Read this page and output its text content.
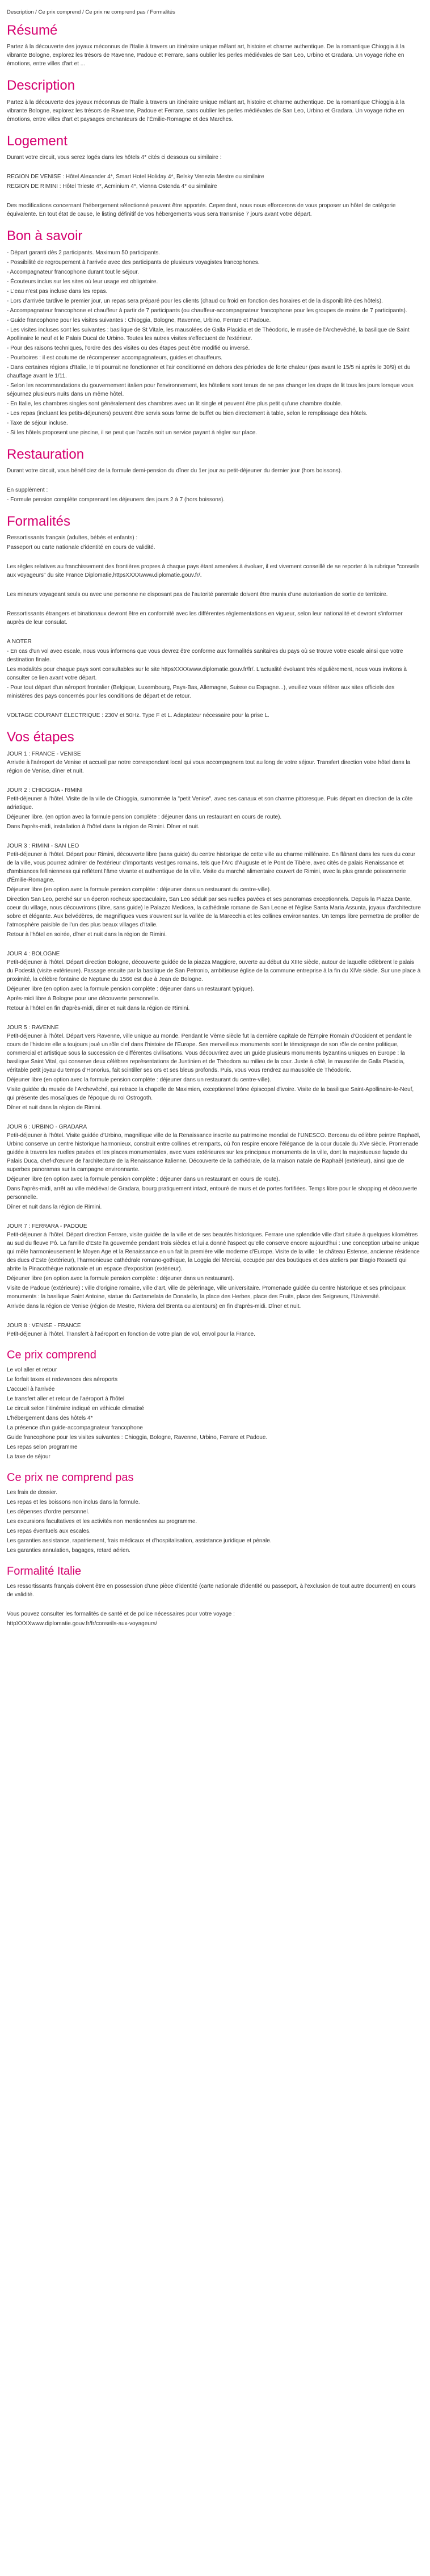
Description / Ce prix comprend / Ce prix ne comprend pas / Formalités
Résumé

Partez à la découverte des joyaux méconnus de l'Italie à travers un itinéraire unique mêlant art, histoire et charme authentique. De la romantique Chioggia à la vibrante Bologne, explorez les trésors de Ravenne, Padoue et Ferrare, sans oublier les perles médiévales de San Leo, Urbino et Gradara. Un voyage riche en émotions, entre villes d'art et ...

Description

Partez à la découverte des joyaux méconnus de l'Italie à travers un itinéraire unique mêlant art, histoire et charme authentique. De la romantique Chioggia à la vibrante Bologne, explorez les trésors de Ravenne, Padoue et Ferrare, sans oublier les perles médiévales de San Leo, Urbino et Gradara. Un voyage riche en émotions, entre villes d'art et paysages enchanteurs de l'Émilie-Romagne et des Marches.

Logement

Durant votre circuit, vous serez logés dans les hôtels 4* cités ci dessous ou similaire :

REGION DE VENISE : Hôtel Alexander 4*, Smart Hotel Holiday 4*, Belsky Venezia Mestre ou similaire

REGION DE RIMINI : Hôtel Trieste 4*, Acminium 4*, Vienna Ostenda 4* ou similaire

Des modifications concernant l'hébergement sélectionné peuvent être apportés. Cependant, nous nous efforcerons de vous proposer un hôtel de catégorie équivalente. En tout état de cause, le listing définitif de vos hébergements vous sera transmise 7 jours avant votre départ.

Bon à savoir

- Départ garanti dès 2 participants. Maximum 50 participants.

- Possibilité de regroupement à l'arrivée avec des participants de plusieurs voyagistes francophones.

- Accompagnateur francophone durant tout le séjour.

- Écouteurs inclus sur les sites où leur usage est obligatoire.

- L'eau n'est pas incluse dans les repas.

- Lors d'arrivée tardive le premier jour, un repas sera préparé pour les clients (chaud ou froid en fonction des horaires et de la disponibilité des hôtels).

- Accompagnateur francophone et chauffeur à partir de 7 participants (ou chauffeur-accompagnateur francophone pour les groupes de moins de 7 participants).

- Guide francophone pour les visites suivantes : Chioggia, Bologne, Ravenne, Urbino, Ferrare et Padoue.

- Les visites incluses sont les suivantes : basilique de St Vitale, les mausolées de Galla Placidia et de Théodoric, le musée de l'Archevêché, la basilique de Saint Apollinaire le neuf et le Palais Ducal de Urbino. Toutes les autres visites s'effectuent de l'extérieur.

- Pour des raisons techniques, l'ordre des des visites ou des étapes peut être modifié ou inversé.

- Pourboires : il est coutume de récompenser accompagnateurs, guides et chauffeurs.

- Dans certaines régions d'Italie, le tri pourrait ne fonctionner et l'air conditionné en dehors des périodes de forte chaleur (pas avant le 15/5 ni après le 30/9) et du chauffage avant le 1/11.

- Selon les recommandations du gouvernement italien pour l'environnement, les hôteliers sont tenus de ne pas changer les draps de lit tous les jours lorsque vous séjournez plusieurs nuits dans un même hôtel.

- En Italie, les chambres singles sont généralement des chambres avec un lit single et peuvent être plus petit qu'une chambre double.

- Les repas (incluant les petits-déjeuners) peuvent être servis sous forme de buffet ou bien directement à table, selon le remplissage des hôtels.

- Taxe de séjour incluse.

- Si les hôtels proposent une piscine, il se peut que l'accès soit un service payant à régler sur place.

Restauration

Durant votre circuit, vous bénéficiez de la formule demi-pension du dîner du 1er jour au petit-déjeuner du dernier jour (hors boissons).

En supplément :

- Formule pension complète comprenant les déjeuners des jours 2 à 7 (hors boissons).

Formalités

Ressortissants français (adultes, bébés et enfants) :

Passeport ou carte nationale d'identité en cours de validité.

Les règles relatives au franchissement des frontières propres à chaque pays étant amenées à évoluer, il est vivement conseillé de se reporter à la rubrique "conseils aux voyageurs" du site France Diplomatie,httpsXXXXwww.diplomatie.gouv.fr/.

Les mineurs voyageant seuls ou avec une personne ne disposant pas de l'autorité parentale doivent être munis d'une autorisation de sortie de territoire.

Ressortissants étrangers et binationaux devront être en conformité avec les différentes réglementations en vigueur, selon leur nationalité et devront s'informer auprès de leur consulat.

A NOTER

- En cas d'un vol avec escale, nous vous informons que vous devrez être conforme aux formalités sanitaires du pays où se trouve votre escale ainsi que votre destination finale.

Les modalités pour chaque pays sont consultables sur le site httpsXXXXwww.diplomatie.gouv.fr/fr/. L'actualité évoluant très régulièrement, nous vous invitons à consulter ce lien avant votre départ.

- Pour tout départ d'un aéroport frontalier (Belgique, Luxembourg, Pays-Bas, Allemagne, Suisse ou Espagne...), veuillez vous référer aux sites officiels des ministères des pays concernés pour les conditions de départ et de retour.

VOLTAGE COURANT ÉLECTRIQUE : 230V et 50Hz. Type F et L. Adaptateur nécessaire pour la prise L.

Vos étapes

JOUR 1 : FRANCE - VENISE

Arrivée à l'aéroport de Venise et accueil par notre correspondant local qui vous accompagnera tout au long de votre séjour. Transfert direction votre hôtel dans la région de Venise, dîner et nuit.

JOUR 2 : CHIOGGIA - RIMINI

Petit-déjeuner à l'hôtel. Visite de la ville de Chioggia, surnommée la "petit Venise", avec ses canaux et son charme pittoresque. Puis départ en direction de la côte adriatique.

Déjeuner libre. (en option avec la formule pension complète : déjeuner dans un restaurant en cours de route).

Dans l'après-midi, installation à l'hôtel dans la région de Rimini. Dîner et nuit.

JOUR 3 : RIMINI - SAN LEO

Petit-déjeuner à l'hôtel. Départ pour Rimini, découverte libre (sans guide) du centre historique de cette ville au charme millénaire. En flânant dans les rues du cœur de la ville, vous pourrez admirer de l'extérieur d'importants vestiges romains, tels que l'Arc d'Auguste et le Pont de Tibère, avec cités de palais Renaissance et d'ambiances fellinienness qui reflètent l'âme vivante et authentique de la ville. Visite du marché alimentaire couvert de Rimini, avec la plus grande poissonnerie d'Émilie-Romagne.

Déjeuner libre (en option avec la formule pension complète : déjeuner dans un restaurant du centre-ville).

Direction San Leo, perché sur un éperon rocheux spectaculaire, San Leo séduit par ses ruelles pavées et ses panoramas exceptionnels. Depuis la Piazza Dante, coeur du village, nous découvrirons (libre, sans guide) le Palazzo Medicea, la cathédrale romane de San Leone et l'église Santa Maria Assunta, joyaux d'architecture sobre et élégante. Aux belvédères, de magnifiques vues s'ouvrent sur la vallée de la Marecchia et les collines environnantes. Un temps libre permettra de profiter de l'atmosphère paisible de l'un des plus beaux villages d'Italie.

Retour à l'hôtel en soirée, dîner et nuit dans la région de Rimini.

JOUR 4 : BOLOGNE

Petit-déjeuner à l'hôtel. Départ direction Bologne, découverte guidée de la piazza Maggiore, ouverte au début du XIIIe siècle, autour de laquelle célèbrent le palais du Podestà (visite extérieure). Passage ensuite par la basilique de San Petronio, ambitieuse église de la commune entreprise à la fin du XIVe siècle. Sur une place à proximité, la célèbre fontaine de Neptune du 1566 est due à Jean de Bologne.

Déjeuner libre (en option avec la formule pension complète : déjeuner dans un restaurant typique).

Après-midi libre à Bologne pour une découverte personnelle.

Retour à l'hôtel en fin d'après-midi, dîner et nuit dans la région de Rimini.

JOUR 5 : RAVENNE

Petit-déjeuner à l'hôtel. Départ vers Ravenne, ville unique au monde. Pendant le Vème siècle fut la dernière capitale de l'Empire Romain d'Occident et pendant le cours de l'histoire elle a toujours joué un rôle clef dans l'histoire de l'Europe. Ses merveilleux monuments sont le témoignage de son rôle de centre politique, commercial et artistique sous la succession de différentes civilisations. Vous découvrirez avec un guide plusieurs monuments byzantins uniques en Europe : la basilique Saint Vital, qui conserve deux célèbres représentations de Justinien et de Théodora au milieu de la cour. Juste à côté, le mausolée de Galla Placidia, véritable petit joyau du temps d'Honorius, fait scintiller ses ors et ses bleus profonds. Puis, vous vous rendrez au mausolée de Théodoric.

Déjeuner libre (en option avec la formule pension complète : déjeuner dans un restaurant du centre-ville).

Visite guidée du musée de l'Archevêché, qui retrace la chapelle de Maximien, exceptionnel trône épiscopal d'ivoire. Visite de la basilique Saint-Apollinaire-le-Neuf, qui présente des mosaïques de l'époque du roi Ostrogoth.

Dîner et nuit dans la région de Rimini.

JOUR 6 : URBINO - GRADARA

Petit-déjeuner à l'hôtel. Visite guidée d'Urbino, magnifique ville de la Renaissance inscrite au patrimoine mondial de l'UNESCO. Berceau du célèbre peintre Raphaël, Urbino conserve un centre historique harmonieux, construit entre collines et remparts, où l'on respire encore l'élégance de la cour ducale du XVe siècle. Promenade guidée à travers les ruelles pavées et les places monumentales, avec vues extérieures sur les principaux monuments de la ville, dont la majestueuse façade du Palais Duca, chef-d'œuvre de l'architecture de la Renaissance italienne. Découverte de la cathédrale, de la maison natale de Raphaël (extérieur), ainsi que de superbes panoramas sur la campagne environnante.

Déjeuner libre (en option avec la formule pension complète : déjeuner dans un restaurant en cours de route).

Dans l'après-midi, arrêt au ville médiéval de Gradara, bourg pratiquement intact, entouré de murs et de portes fortifiées. Temps libre pour le shopping et découverte personnelle.

Dîner et nuit dans la région de Rimini.

JOUR 7 : FERRARA - PADOUE

Petit-déjeuner à l'hôtel. Départ direction Ferrare, visite guidée de la ville et de ses beautés historiques. Ferrare une splendide ville d'art située à quelques kilomètres au sud du fleuve Pô. La famille d'Este l'a gouvernée pendant trois siècles et lui a donné l'aspect qu'elle conserve encore aujourd'hui : une conception urbaine unique qui mêle harmonieusement le Moyen Age et la Renaissance en un fait la première ville moderne d'Europe. Visite de la ville : le château Estense, ancienne résidence des ducs d'Este (extérieur), l'harmonieuse cathédrale romano-gothique, la Loggia dei Merciai, occupée par des boutiques et des ateliers par Biagio Rossetti qui abrite la Pinacothèque nationale et un espace d'exposition (extérieur).

Déjeuner libre (en option avec la formule pension complète : déjeuner dans un restaurant).

Visite de Padoue (extérieure) : ville d'origine romaine, ville d'art, ville de pèlerinage, ville universitaire. Promenade guidée du centre historique et ses principaux monuments : la basilique Saint Antoine, statue du Gattamelata de Donatello, la place des Herbes, place des Fruits, place des Seigneurs, l'Université.

Arrivée dans la région de Venise (région de Mestre, Riviera del Brenta ou alentours) en fin d'après-midi. Dîner et nuit.

JOUR 8 : VENISE - FRANCE

Petit-déjeuner à l'hôtel. Transfert à l'aéroport en fonction de votre plan de vol, envol pour la France.

Ce prix comprend

Le vol aller et retour

Le forfait taxes et redevances des aéroports

L'accueil à l'arrivée

Le transfert aller et retour de l'aéroport à l'hôtel

Le circuit selon l'itinéraire indiqué en véhicule climatisé

L'hébergement dans des hôtels 4*

La présence d'un guide-accompagnateur francophone

Guide francophone pour les visites suivantes : Chioggia, Bologne, Ravenne, Urbino, Ferrare et Padoue.

Les repas selon programme

La taxe de séjour

Ce prix ne comprend pas

Les frais de dossier.

Les repas et les boissons non inclus dans la formule.

Les dépenses d'ordre personnel.

Les excursions facultatives et les activités non mentionnées au programme.

Les repas éventuels aux escales.

Les garanties assistance, rapatriement, frais médicaux et d'hospitalisation, assistance juridique et pénale.

Les garanties annulation, bagages, retard aérien.

Formalité Italie

Les ressortissants français doivent être en possession d'une pièce d'identité (carte nationale d'identité ou passeport, à l'exclusion de tout autre document) en cours de validité.

Vous pouvez consulter les formalités de santé et de police nécessaires pour votre voyage :

httpXXXXwww.diplomatie.gouv.fr/fr/conseils-aux-voyageurs/
